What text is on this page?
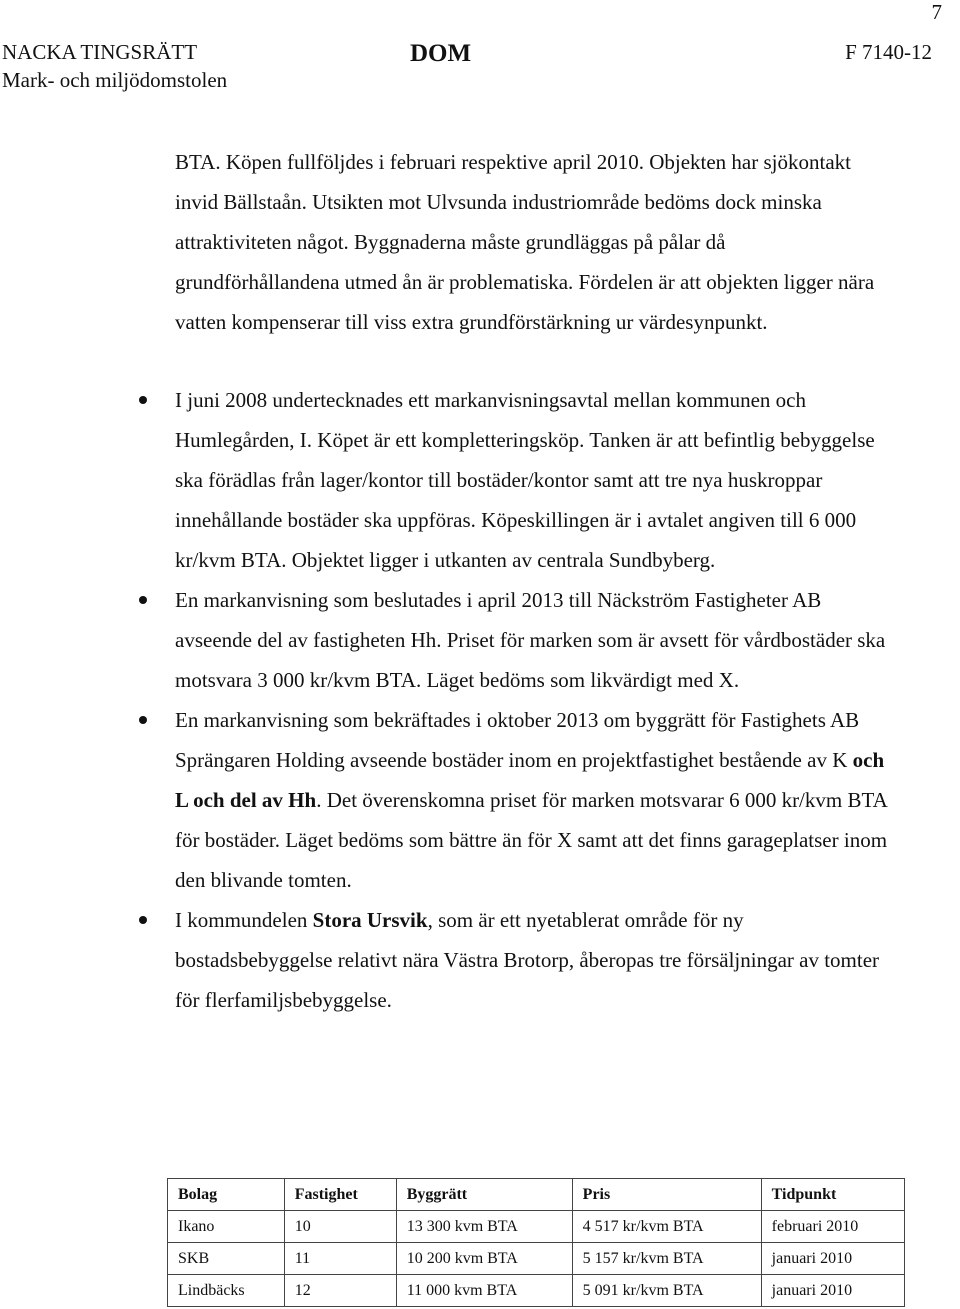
7
NACKA TINGSRÄTT
Mark- och miljödomstolen
DOM	F 7140-12
BTA. Köpen fullföljdes i februari respektive april 2010. Objekten har sjökontakt invid Bällstaån. Utsikten mot Ulvsunda industriområde bedöms dock minska attraktiviteten något. Byggnaderna måste grundläggas på pålar då grundförhållandena utmed ån är problematiska. Fördelen är att objekten ligger nära vatten kompenserar till viss extra grundförstärkning ur värdesynpunkt.
I juni 2008 undertecknades ett markanvisningsavtal mellan kommunen och Humlegården, I. Köpet är ett kompletteringsköp. Tanken är att befintlig bebyggelse ska förädlas från lager/kontor till bostäder/kontor samt att tre nya huskroppar innehållande bostäder ska uppföras. Köpeskillingen är i avtalet angiven till 6 000 kr/kvm BTA. Objektet ligger i utkanten av centrala Sundbyberg.
En markanvisning som beslutades i april 2013 till Näckström Fastigheter AB avseende del av fastigheten Hh. Priset för marken som är avsett för vårdbostäder ska motsvara 3 000 kr/kvm BTA. Läget bedöms som likvärdigt med X.
En markanvisning som bekräftades i oktober 2013 om byggrätt för Fastighets AB Sprängaren Holding avseende bostäder inom en projektfastighet bestående av K och L och del av Hh. Det överenskomna priset för marken motsvarar 6 000 kr/kvm BTA för bostäder. Läget bedöms som bättre än för X samt att det finns garageplatser inom den blivande tomten.
I kommundelen Stora Ursvik, som är ett nyetablerat område för ny bostadsbebyggelse relativt nära Västra Brotorp, åberopas tre försäljningar av tomter för flerfamiljsbebyggelse.
Bolag	Fastighet	Byggrätt	Pris	Tidpunkt
Ikano	10	13 300 kvm BTA	4 517 kr/kvm BTA	februari 2010
SKB	11	10 200 kvm BTA	5 157 kr/kvm BTA	januari 2010
Lindbäcks	12	11 000 kvm BTA	5 091 kr/kvm BTA	januari 2010
